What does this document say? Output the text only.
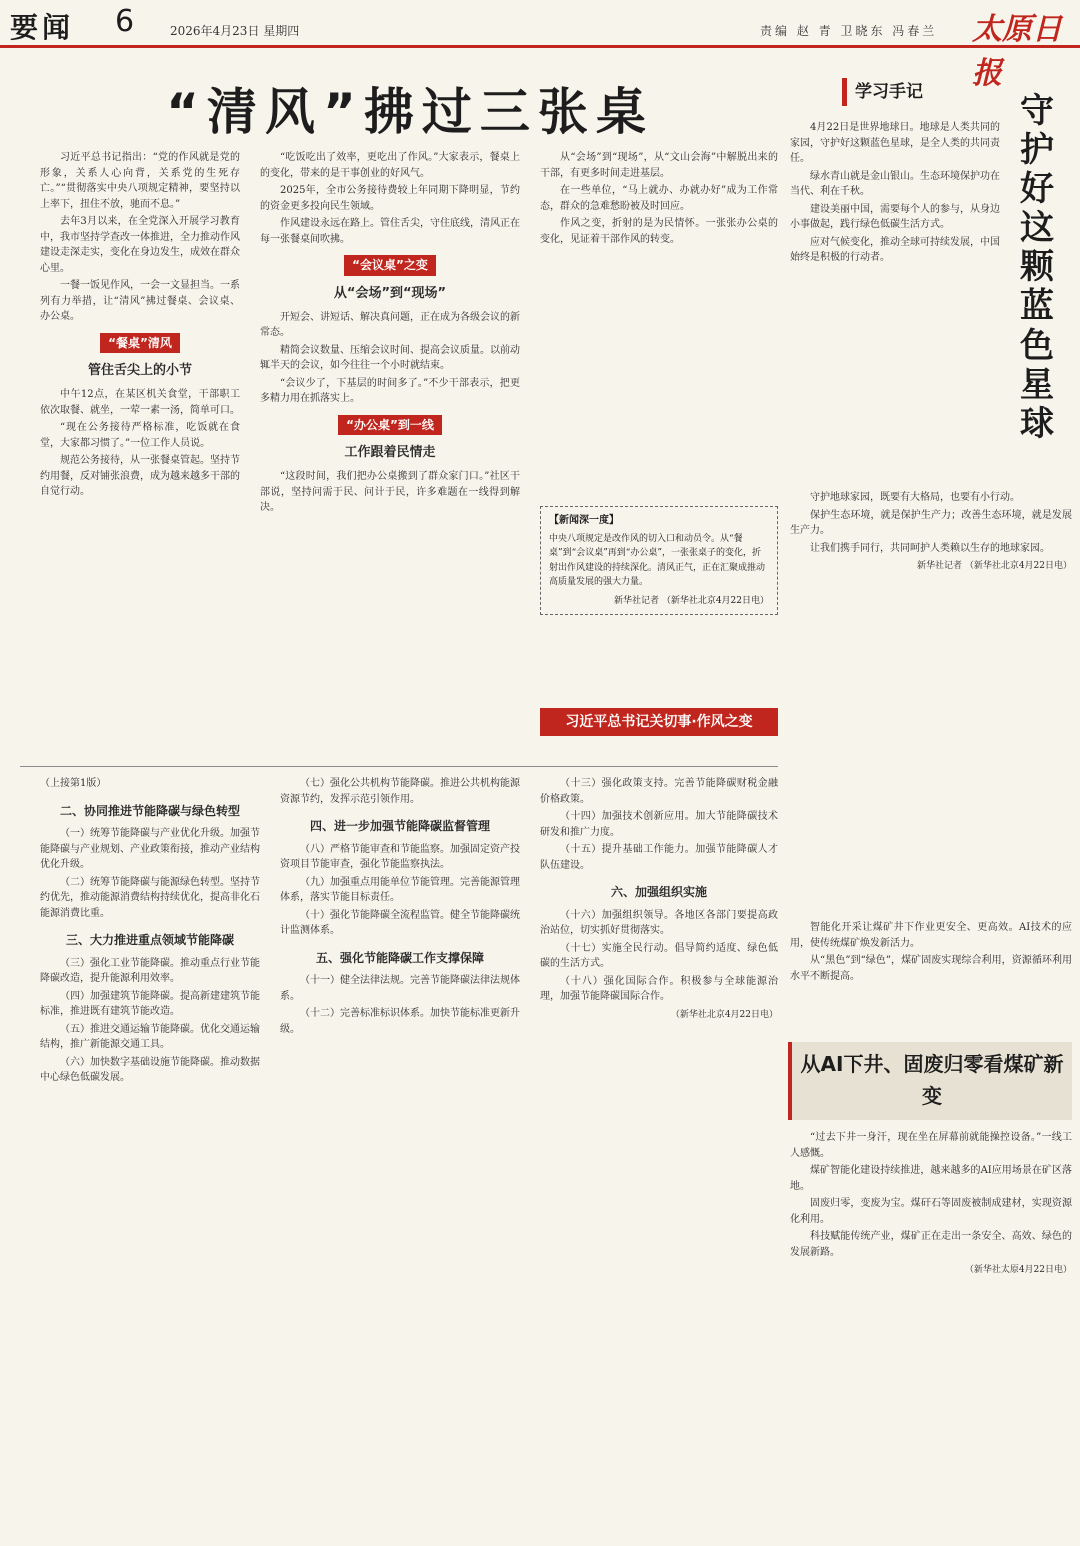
要闻 6	2026年4月23日 星期四	责编 赵 青 卫晓东 冯春兰 太原日报
“清风”拂过三张桌

习近平总书记指出：“党的作风就是党的形象，关系人心向背，关系党的生死存亡。”“贯彻落实中央八项规定精神，要坚持以上率下，扭住不放，驰而不息。”

去年3月以来，在全党深入开展学习教育中，我市坚持学查改一体推进，全力推动作风建设走深走实，变化在身边发生，成效在群众心里。

一餐一饭见作风，一会一文显担当。一系列有力举措，让“清风”拂过餐桌、会议桌、办公桌。

“餐桌”清风
管住舌尖上的小节

中午12点，在某区机关食堂，干部职工依次取餐、就坐，一荤一素一汤，简单可口。

“现在公务接待严格标准，吃饭就在食堂，大家都习惯了。”一位工作人员说。

规范公务接待，从一张餐桌管起。坚持节约用餐，反对铺张浪费，成为越来越多干部的自觉行动。

“吃饭吃出了效率，更吃出了作风。”大家表示，餐桌上的变化，带来的是干事创业的好风气。

2025年，全市公务接待费较上年同期下降明显，节约的资金更多投向民生领域。

作风建设永远在路上。管住舌尖，守住底线，清风正在每一张餐桌间吹拂。

“会议桌”之变
从“会场”到“现场”

开短会、讲短话、解决真问题，正在成为各级会议的新常态。

精简会议数量、压缩会议时间、提高会议质量。以前动辄半天的会议，如今往往一个小时就结束。

“会议少了，下基层的时间多了。”不少干部表示，把更多精力用在抓落实上。

“办公桌”到一线
工作跟着民情走

“这段时间，我们把办公桌搬到了群众家门口。”社区干部说，坚持问需于民、问计于民，许多难题在一线得到解决。

从“会场”到“现场”，从“文山会海”中解脱出来的干部，有更多时间走进基层。

在一些单位，“马上就办、办就办好”成为工作常态，群众的急难愁盼被及时回应。

作风之变，折射的是为民情怀。一张张办公桌的变化，见证着干部作风的转变。

【新闻深一度】
中央八项规定是改作风的切入口和动员令。从“餐桌”到“会议桌”再到“办公桌”，一张张桌子的变化，折射出作风建设的持续深化。清风正气，正在汇聚成推动高质量发展的强大力量。
新华社记者 （新华社北京4月22日电）
习近平总书记关切事·作风之变
学习手记	守护好这颗蓝色星球

4月22日是世界地球日。地球是人类共同的家园，守护好这颗蓝色星球，是全人类的共同责任。

绿水青山就是金山银山。生态环境保护功在当代、利在千秋。

建设美丽中国，需要每个人的参与，从身边小事做起，践行绿色低碳生活方式。

应对气候变化，推动全球可持续发展，中国始终是积极的行动者。

守护地球家园，既要有大格局，也要有小行动。

保护生态环境，就是保护生产力；改善生态环境，就是发展生产力。

让我们携手同行，共同呵护人类赖以生存的地球家园。

新华社记者 （新华社北京4月22日电）
（上接第1版）
二、协同推进节能降碳与绿色转型

（一）统筹节能降碳与产业优化升级。加强节能降碳与产业规划、产业政策衔接，推动产业结构优化升级。

（二）统筹节能降碳与能源绿色转型。坚持节约优先，推动能源消费结构持续优化，提高非化石能源消费比重。

三、大力推进重点领域节能降碳

（三）强化工业节能降碳。推动重点行业节能降碳改造，提升能源利用效率。

（四）加强建筑节能降碳。提高新建建筑节能标准，推进既有建筑节能改造。

（五）推进交通运输节能降碳。优化交通运输结构，推广新能源交通工具。

（六）加快数字基础设施节能降碳。推动数据中心绿色低碳发展。

（七）强化公共机构节能降碳。推进公共机构能源资源节约，发挥示范引领作用。

四、进一步加强节能降碳监督管理

（八）严格节能审查和节能监察。加强固定资产投资项目节能审查，强化节能监察执法。

（九）加强重点用能单位节能管理。完善能源管理体系，落实节能目标责任。

（十）强化节能降碳全流程监管。健全节能降碳统计监测体系。

五、强化节能降碳工作支撑保障

（十一）健全法律法规。完善节能降碳法律法规体系。

（十二）完善标准标识体系。加快节能标准更新升级。

（十三）强化政策支持。完善节能降碳财税金融价格政策。

（十四）加强技术创新应用。加大节能降碳技术研发和推广力度。

（十五）提升基础工作能力。加强节能降碳人才队伍建设。

六、加强组织实施

（十六）加强组织领导。各地区各部门要提高政治站位，切实抓好贯彻落实。

（十七）实施全民行动。倡导简约适度、绿色低碳的生活方式。

（十八）强化国际合作。积极参与全球能源治理，加强节能降碳国际合作。

（新华社北京4月22日电）

智能化开采让煤矿井下作业更安全、更高效。AI技术的应用，使传统煤矿焕发新活力。

从“黑色”到“绿色”，煤矿固废实现综合利用，资源循环利用水平不断提高。

从AI下井、固废归零看煤矿新变

“过去下井一身汗，现在坐在屏幕前就能操控设备。”一线工人感慨。

煤矿智能化建设持续推进，越来越多的AI应用场景在矿区落地。

固废归零，变废为宝。煤矸石等固废被制成建材，实现资源化利用。

科技赋能传统产业，煤矿正在走出一条安全、高效、绿色的发展新路。

（新华社太原4月22日电）
